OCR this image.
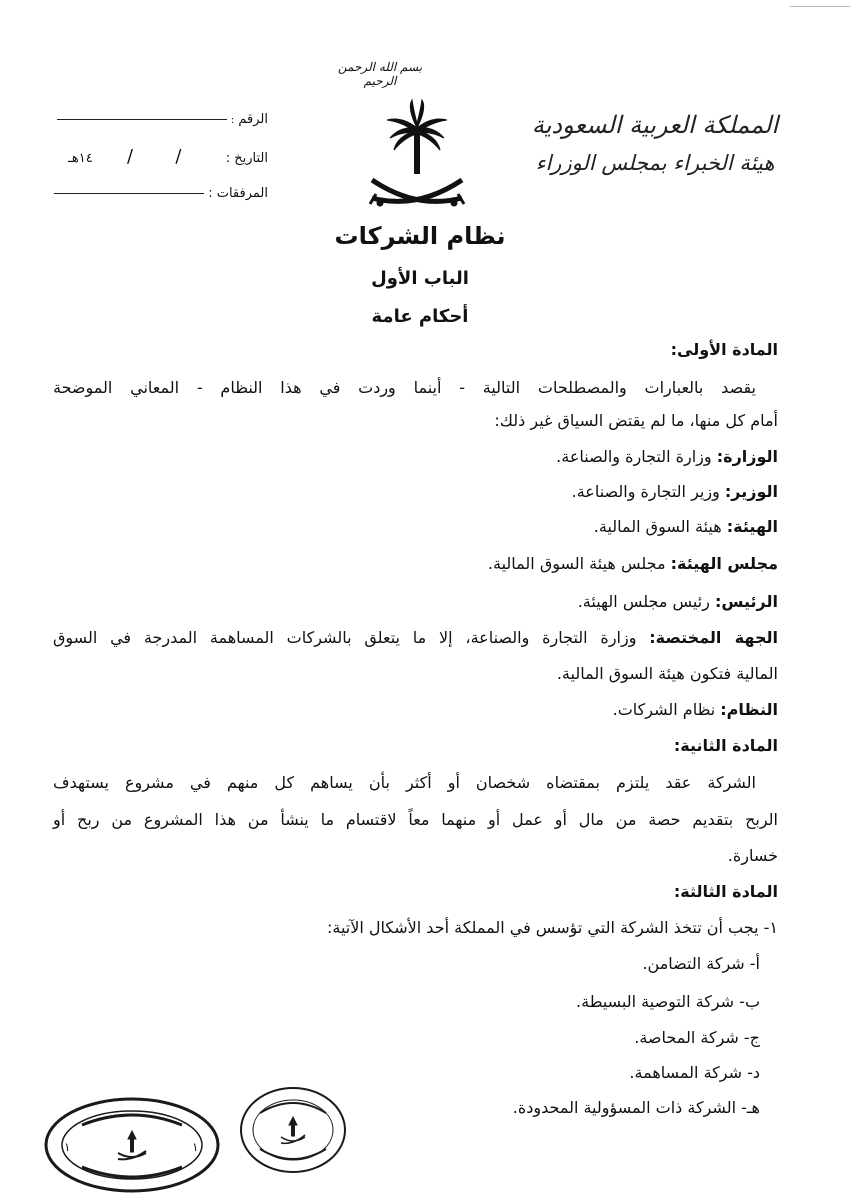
بسم الله الرحمن الرحيم
المملكة العربية السعودية
هيئة الخبراء بمجلس الوزراء
الرقم :
التاريخ :  /  /  ١٤هـ
المرفقات :
نظام الشركات
الباب الأول
أحكام عامة
المادة الأولى:
يقصد بالعبارات والمصطلحات التالية - أينما وردت في هذا النظام - المعاني الموضحة
أمام كل منها، ما لم يقتض السياق غير ذلك:
الوزارة: وزارة التجارة والصناعة.
الوزير: وزير التجارة والصناعة.
الهيئة: هيئة السوق المالية.
مجلس الهيئة: مجلس هيئة السوق المالية.
الرئيس: رئيس مجلس الهيئة.
الجهة المختصة: وزارة التجارة والصناعة، إلا ما يتعلق بالشركات المساهمة المدرجة في السوق
المالية فتكون هيئة السوق المالية.
النظام: نظام الشركات.
المادة الثانية:
الشركة عقد يلتزم بمقتضاه شخصان أو أكثر بأن يساهم كل منهم في مشروع يستهدف
الربح بتقديم حصة من مال أو عمل أو منهما معاً لاقتسام ما ينشأ من هذا المشروع من ربح أو
خسارة.
المادة الثالثة:
١- يجب أن تتخذ الشركة التي تؤسس في المملكة أحد الأشكال الآتية:
أ- شركة التضامن.
ب- شركة التوصية البسيطة.
ج- شركة المحاصة.
د- شركة المساهمة.
هـ- الشركة ذات المسؤولية المحدودة.
١	١
